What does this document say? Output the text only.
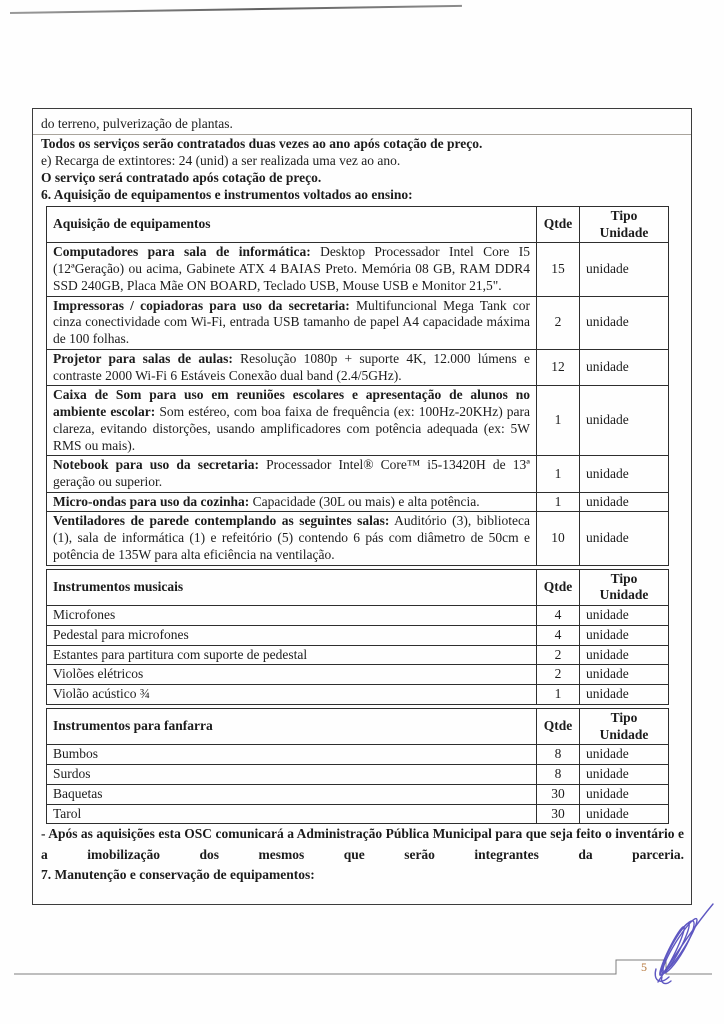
do terreno, pulverização de plantas.

Todos os serviços serão contratados duas vezes ao ano após cotação de preço.

e) Recarga de extintores: 24 (unid) a ser realizada uma vez ao ano.

O serviço será contratado após cotação de preço.

6. Aquisição de equipamentos e instrumentos voltados ao ensino:

Aquisição de equipamentos	Qtde	Tipo Unidade
Computadores para sala de informática: Desktop Processador Intel Core I5 (12ªGeração) ou acima, Gabinete ATX 4 BAIAS Preto. Memória 08 GB, RAM DDR4 SSD 240GB, Placa Mãe ON BOARD, Teclado USB, Mouse USB e Monitor 21,5".	15	unidade
Impressoras / copiadoras para uso da secretaria: Multifuncional Mega Tank cor cinza conectividade com Wi-Fi, entrada USB tamanho de papel A4 capacidade máxima de 100 folhas.	2	unidade
Projetor para salas de aulas: Resolução 1080p + suporte 4K, 12.000 lúmens e contraste 2000 Wi-Fi 6 Estáveis Conexão dual band (2.4/5GHz).	12	unidade
Caixa de Som para uso em reuniões escolares e apresentação de alunos no ambiente escolar: Som estéreo, com boa faixa de frequência (ex: 100Hz-20KHz) para clareza, evitando distorções, usando amplificadores com potência adequada (ex: 5W RMS ou mais).	1	unidade
Notebook para uso da secretaria: Processador Intel® Core™ i5-13420H de 13ª geração ou superior.	1	unidade
Micro-ondas para uso da cozinha: Capacidade (30L ou mais) e alta potência.	1	unidade
Ventiladores de parede contemplando as seguintes salas: Auditório (3), biblioteca (1), sala de informática (1) e refeitório (5) contendo 6 pás com diâmetro de 50cm e potência de 135W para alta eficiência na ventilação.	10	unidade
Instrumentos musicais	Qtde	Tipo Unidade
Microfones	4	unidade
Pedestal para microfones	4	unidade
Estantes para partitura com suporte de pedestal	2	unidade
Violões elétricos	2	unidade
Violão acústico ¾	1	unidade
Instrumentos para fanfarra	Qtde	Tipo Unidade
Bumbos	8	unidade
Surdos	8	unidade
Baquetas	30	unidade
Tarol	30	unidade

- Após as aquisições esta OSC comunicará a Administração Pública Municipal para que seja feito o inventário e a imobilização dos mesmos que serão integrantes da parceria.

7. Manutenção e conservação de equipamentos:

5
